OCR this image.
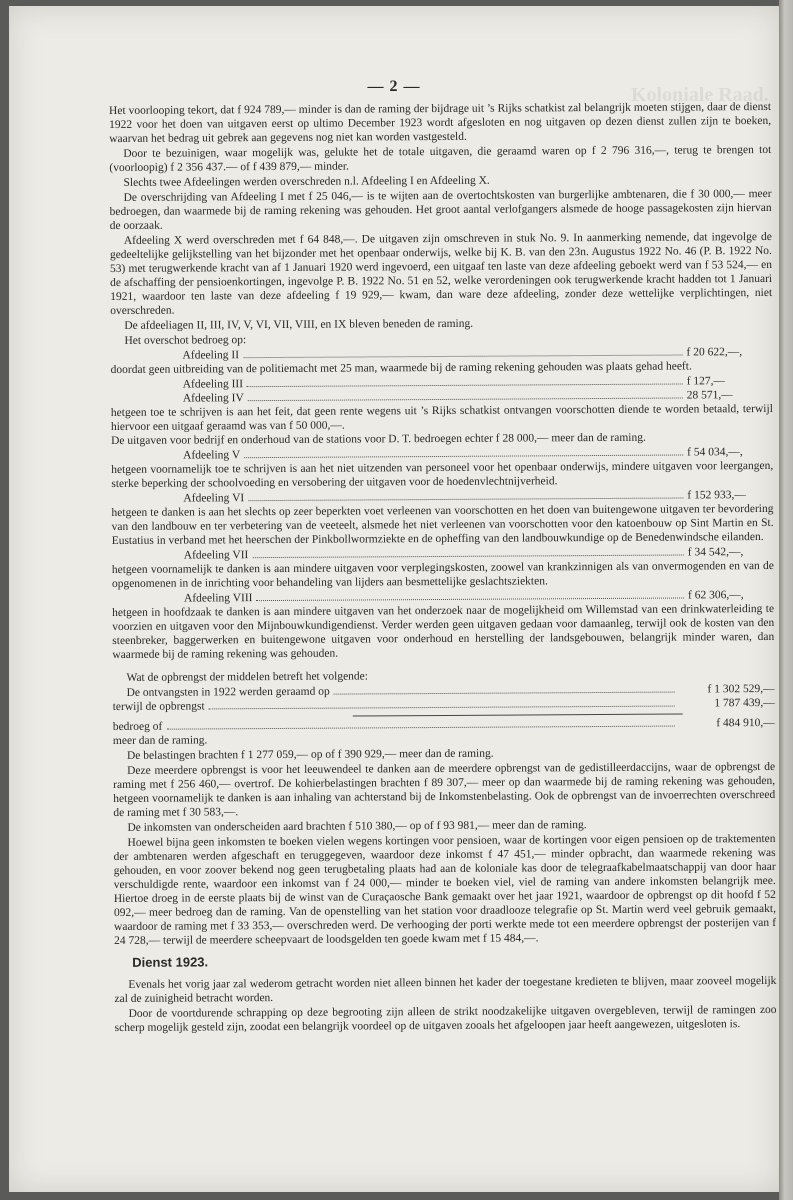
Koloniale Raad.
— 2 —

Het voorlooping tekort, dat f 924 789,— minder is dan de raming der bijdrage uit ’s Rijks schatkist zal belangrijk moeten stijgen, daar de dienst 1922 voor het doen van uitgaven eerst op ultimo December 1923 wordt afgesloten en nog uitgaven op dezen dienst zullen zijn te boeken, waarvan het bedrag uit gebrek aan gegevens nog niet kan worden vastgesteld.

Door te bezuinigen, waar mogelijk was, gelukte het de totale uitgaven, die geraamd waren op f 2 796 316,—, terug te brengen tot (voorloopig) f 2 356 437.— of f 439 879,— minder.

Slechts twee Afdeelingen werden overschreden n.l. Afdeeling I en Afdeeling X.

De overschrijding van Afdeeling I met f 25 046,— is te wijten aan de overtochtskosten van burgerlijke ambtenaren, die f 30 000,— meer bedroegen, dan waarmede bij de raming rekening was gehouden. Het groot aantal verlofgangers alsmede de hooge passagekosten zijn hiervan de oorzaak.

Afdeeling X werd overschreden met f 64 848,—. De uitgaven zijn omschreven in stuk No. 9. In aanmerking nemende, dat ingevolge de gedeeltelijke gelijkstelling van het bijzonder met het openbaar onderwijs, welke bij K. B. van den 23n. Augustus 1922 No. 46 (P. B. 1922 No. 53) met terugwerkende kracht van af 1 Januari 1920 werd ingevoerd, een uitgaaf ten laste van deze afdeeling geboekt werd van f 53 524,— en de afschaffing der pensioenkortingen, ingevolge P. B. 1922 No. 51 en 52, welke verordeningen ook terugwerkende kracht hadden tot 1 Januari 1921, waardoor ten laste van deze afdeeling f 19 929,— kwam, dan ware deze afdeeling, zonder deze wettelijke verplichtingen, niet overschreden.

De afdeeliagen II, III, IV, V, VI, VII, VIII, en IX bleven beneden de raming.

Het overschot bedroeg op:

Afdeeling II	f 20 622,—,

doordat geen uitbreiding van de politiemacht met 25 man, waarmede bij de raming rekening gehouden was plaats gehad heeft.

Afdeeling III	f 127,—
Afdeeling IV	28 571,—

hetgeen toe te schrijven is aan het feit, dat geen rente wegens uit ’s Rijks schatkist ontvangen voorschotten diende te worden betaald, terwijl hiervoor een uitgaaf geraamd was van f 50 000,—.
De uitgaven voor bedrijf en onderhoud van de stations voor D. T. bedroegen echter f 28 000,— meer dan de raming.

Afdeeling V	f 54 034,—,

hetgeen voornamelijk toe te schrijven is aan het niet uitzenden van personeel voor het openbaar onderwijs, mindere uitgaven voor leergangen, sterke beperking der schoolvoeding en versobering der uitgaven voor de hoedenvlechtnijverheid.

Afdeeling VI	f 152 933,—

hetgeen te danken is aan het slechts op zeer beperkten voet verleenen van voorschotten en het doen van buitengewone uitgaven ter bevordering van den landbouw en ter verbetering van de veeteelt, alsmede het niet verleenen van voorschotten voor den katoenbouw op Sint Martin en St. Eustatius in verband met het heerschen der Pinkbollwormziekte en de opheffing van den landbouwkundige op de Benedenwindsche eilanden.

Afdeeling VII	f 34 542,—,

hetgeen voornamelijk te danken is aan mindere uitgaven voor verplegingskosten, zoowel van krankzinnigen als van onvermogenden en van de opgenomenen in de inrichting voor behandeling van lijders aan besmettelijke geslachtsziekten.

Afdeeling VIII	f 62 306,—,

hetgeen in hoofdzaak te danken is aan mindere uitgaven van het onderzoek naar de mogelijkheid om Willemstad van een drinkwaterleiding te voorzien en uitgaven voor den Mijnbouwkundigendienst. Verder werden geen uitgaven gedaan voor damaanleg, terwijl ook de kosten van den steenbreker, baggerwerken en buitengewone uitgaven voor onderhoud en herstelling der landsgebouwen, belangrijk minder waren, dan waarmede bij de raming rekening was gehouden.

Wat de opbrengst der middelen betreft het volgende:

De ontvangsten in 1922 werden geraamd op	f 1 302 529,—
terwijl de opbrengst	1 787 439,—
bedroeg of	f 484 910,—

meer dan de raming.

De belastingen brachten f 1 277 059,— op of f 390 929,— meer dan de raming.

Deze meerdere opbrengst is voor het leeuwendeel te danken aan de meerdere opbrengst van de gedistilleerdaccijns, waar de opbrengst de raming met f 256 460,— overtrof. De kohierbelastingen brachten f 89 307,— meer op dan waarmede bij de raming rekening was gehouden, hetgeen voornamelijk te danken is aan inhaling van achterstand bij de Inkomstenbelasting. Ook de opbrengst van de invoerrechten overschreed de raming met f 30 583,—.

De inkomsten van onderscheiden aard brachten f 510 380,— op of f 93 981,— meer dan de raming.

Hoewel bijna geen inkomsten te boeken vielen wegens kortingen voor pensioen, waar de kortingen voor eigen pensioen op de traktementen der ambtenaren werden afgeschaft en teruggegeven, waardoor deze inkomst f 47 451,— minder opbracht, dan waarmede rekening was gehouden, en voor zoover bekend nog geen terugbetaling plaats had aan de koloniale kas door de telegraafkabelmaatschappij van door haar verschuldigde rente, waardoor een inkomst van f 24 000,— minder te boeken viel, viel de raming van andere inkomsten belangrijk mee. Hiertoe droeg in de eerste plaats bij de winst van de Curaçaosche Bank gemaakt over het jaar 1921, waardoor de opbrengst op dit hoofd f 52 092,— meer bedroeg dan de raming. Van de openstelling van het station voor draadlooze telegrafie op St. Martin werd veel gebruik gemaakt, waardoor de raming met f 33 353,— overschreden werd. De verhooging der porti werkte mede tot een meerdere opbrengst der posterijen van f 24 728,— terwijl de meerdere scheepvaart de loodsgelden ten goede kwam met f 15 484,—.

Dienst 1923.

Evenals het vorig jaar zal wederom getracht worden niet alleen binnen het kader der toegestane kredieten te blijven, maar zooveel mogelijk zal de zuinigheid betracht worden.

Door de voortdurende schrapping op deze begrooting zijn alleen de strikt noodzakelijke uitgaven overgebleven, terwijl de ramingen zoo scherp mogelijk gesteld zijn, zoodat een belangrijk voordeel op de uitgaven zooals het afgeloopen jaar heeft aangewezen, uitgesloten is.
